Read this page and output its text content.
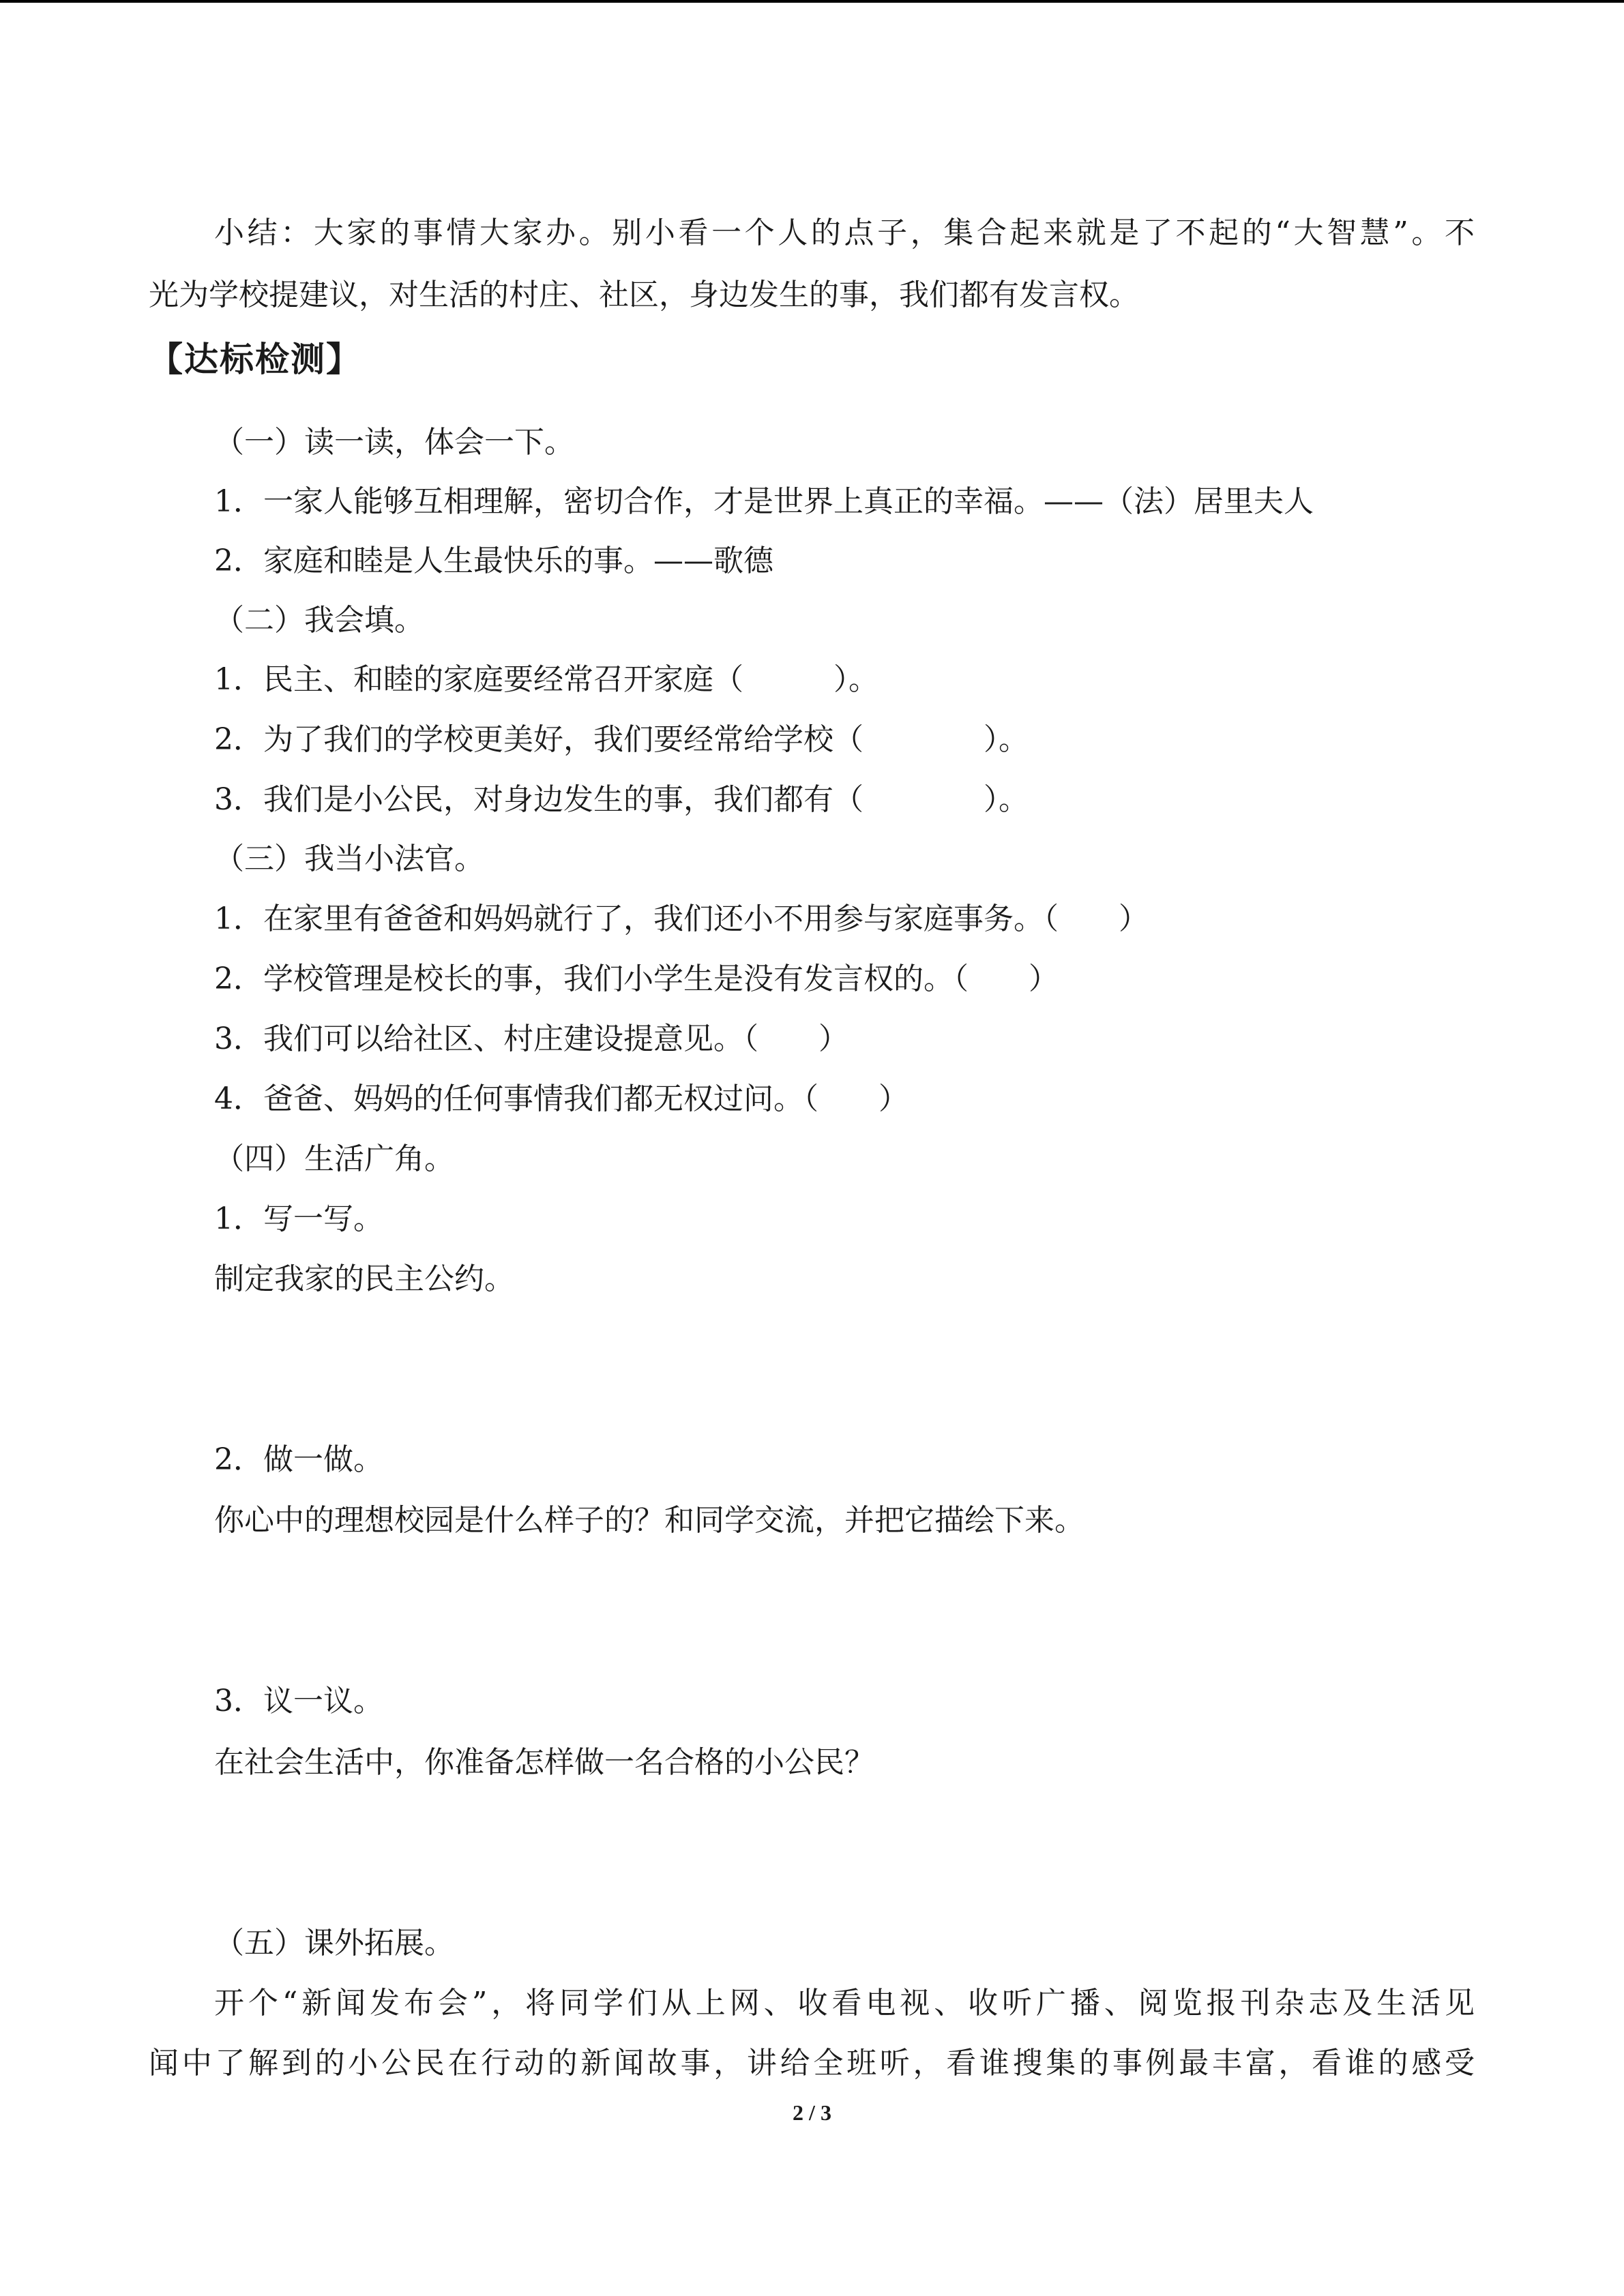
小结：大家的事情大家办。别小看一个人的点子，集合起来就是了不起的“大智慧”。不
光为学校提建议，对生活的村庄、社区，身边发生的事，我们都有发言权。
【达标检测】
（一）读一读，体会一下。
1．一家人能够互相理解，密切合作，才是世界上真正的幸福。——（法）居里夫人
2．家庭和睦是人生最快乐的事。——歌德
（二）我会填。
1．民主、和睦的家庭要经常召开家庭（　　　）。
2．为了我们的学校更美好，我们要经常给学校（　　　　）。
3．我们是小公民，对身边发生的事，我们都有（　　　　）。
（三）我当小法官。
1．在家里有爸爸和妈妈就行了，我们还小不用参与家庭事务。（　　）
2．学校管理是校长的事，我们小学生是没有发言权的。（　　）
3．我们可以给社区、村庄建设提意见。（　　）
4．爸爸、妈妈的任何事情我们都无权过问。（　　）
（四）生活广角。
1．写一写。
制定我家的民主公约。
2．做一做。
你心中的理想校园是什么样子的？和同学交流，并把它描绘下来。
3．议一议。
在社会生活中，你准备怎样做一名合格的小公民？
（五）课外拓展。
开个“新闻发布会”，将同学们从上网、收看电视、收听广播、阅览报刊杂志及生活见
闻中了解到的小公民在行动的新闻故事，讲给全班听，看谁搜集的事例最丰富，看谁的感受
2 / 3
